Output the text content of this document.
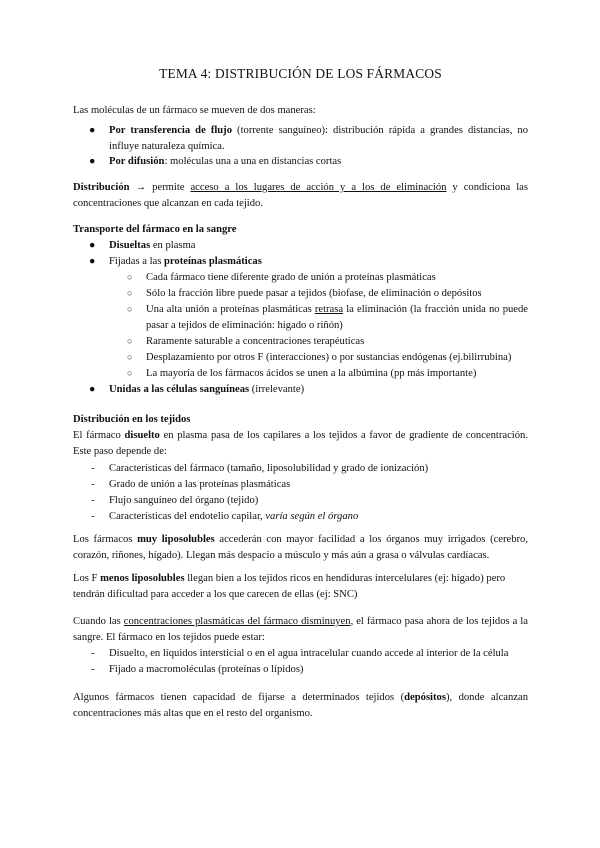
TEMA 4: DISTRIBUCIÓN DE LOS FÁRMACOS

Las moléculas de un fármaco se mueven de dos maneras:

● Por transferencia de flujo (torrente sanguíneo): distribución rápida a grandes distancias, no influye naturaleza química.
● Por difusión: moléculas una a una en distancias cortas

Distribución → permite acceso a los lugares de acción y a los de eliminación y condiciona las concentraciones que alcanzan en cada tejido.

Transporte del fármaco en la sangre

● Disueltas en plasma
● Fijadas a las proteínas plasmáticas
○ Cada fármaco tiene diferente grado de unión a proteínas plasmáticas
○ Sólo la fracción libre puede pasar a tejidos (biofase, de eliminación o depósitos
○ Una alta unión a proteínas plasmáticas retrasa la eliminación (la fracción unida no puede pasar a tejidos de eliminación: hígado o riñón)
○ Raramente saturable a concentraciones terapéuticas
○ Desplazamiento por otros F (interacciones) o por sustancias endógenas (ej.bilirrubina)
○ La mayoría de los fármacos ácidos se unen a la albúmina (pp más importante)
● Unidas a las células sanguíneas (irrelevante)

Distribución en los tejidos

El fármaco disuelto en plasma pasa de los capilares a los tejidos a favor de gradiente de concentración. Este paso depende de:

- Características del fármaco (tamaño, liposolubilidad y grado de ionización)
- Grado de unión a las proteínas plasmáticas
- Flujo sanguíneo del órgano (tejido)
- Características del endotelio capilar, varía según el órgano

Los fármacos muy liposolubles accederán con mayor facilidad a los órganos muy irrigados (cerebro, corazón, riñones, hígado). Llegan más despacio a músculo y más aún a grasa o válvulas cardíacas.

Los F menos liposolubles llegan bien a los tejidos ricos en hendiduras intercelulares (ej: hígado) pero tendrán dificultad para acceder a los que carecen de ellas (ej: SNC)

Cuando las concentraciones plasmáticas del fármaco disminuyen, el fármaco pasa ahora de los tejidos a la sangre. El fármaco en los tejidos puede estar:

- Disuelto, en líquidos intersticial o en el agua intracelular cuando accede al interior de la célula
- Fijado a macromoléculas (proteínas o lípidos)

Algunos fármacos tienen capacidad de fijarse a determinados tejidos (depósitos), donde alcanzan concentraciones más altas que en el resto del organismo.
